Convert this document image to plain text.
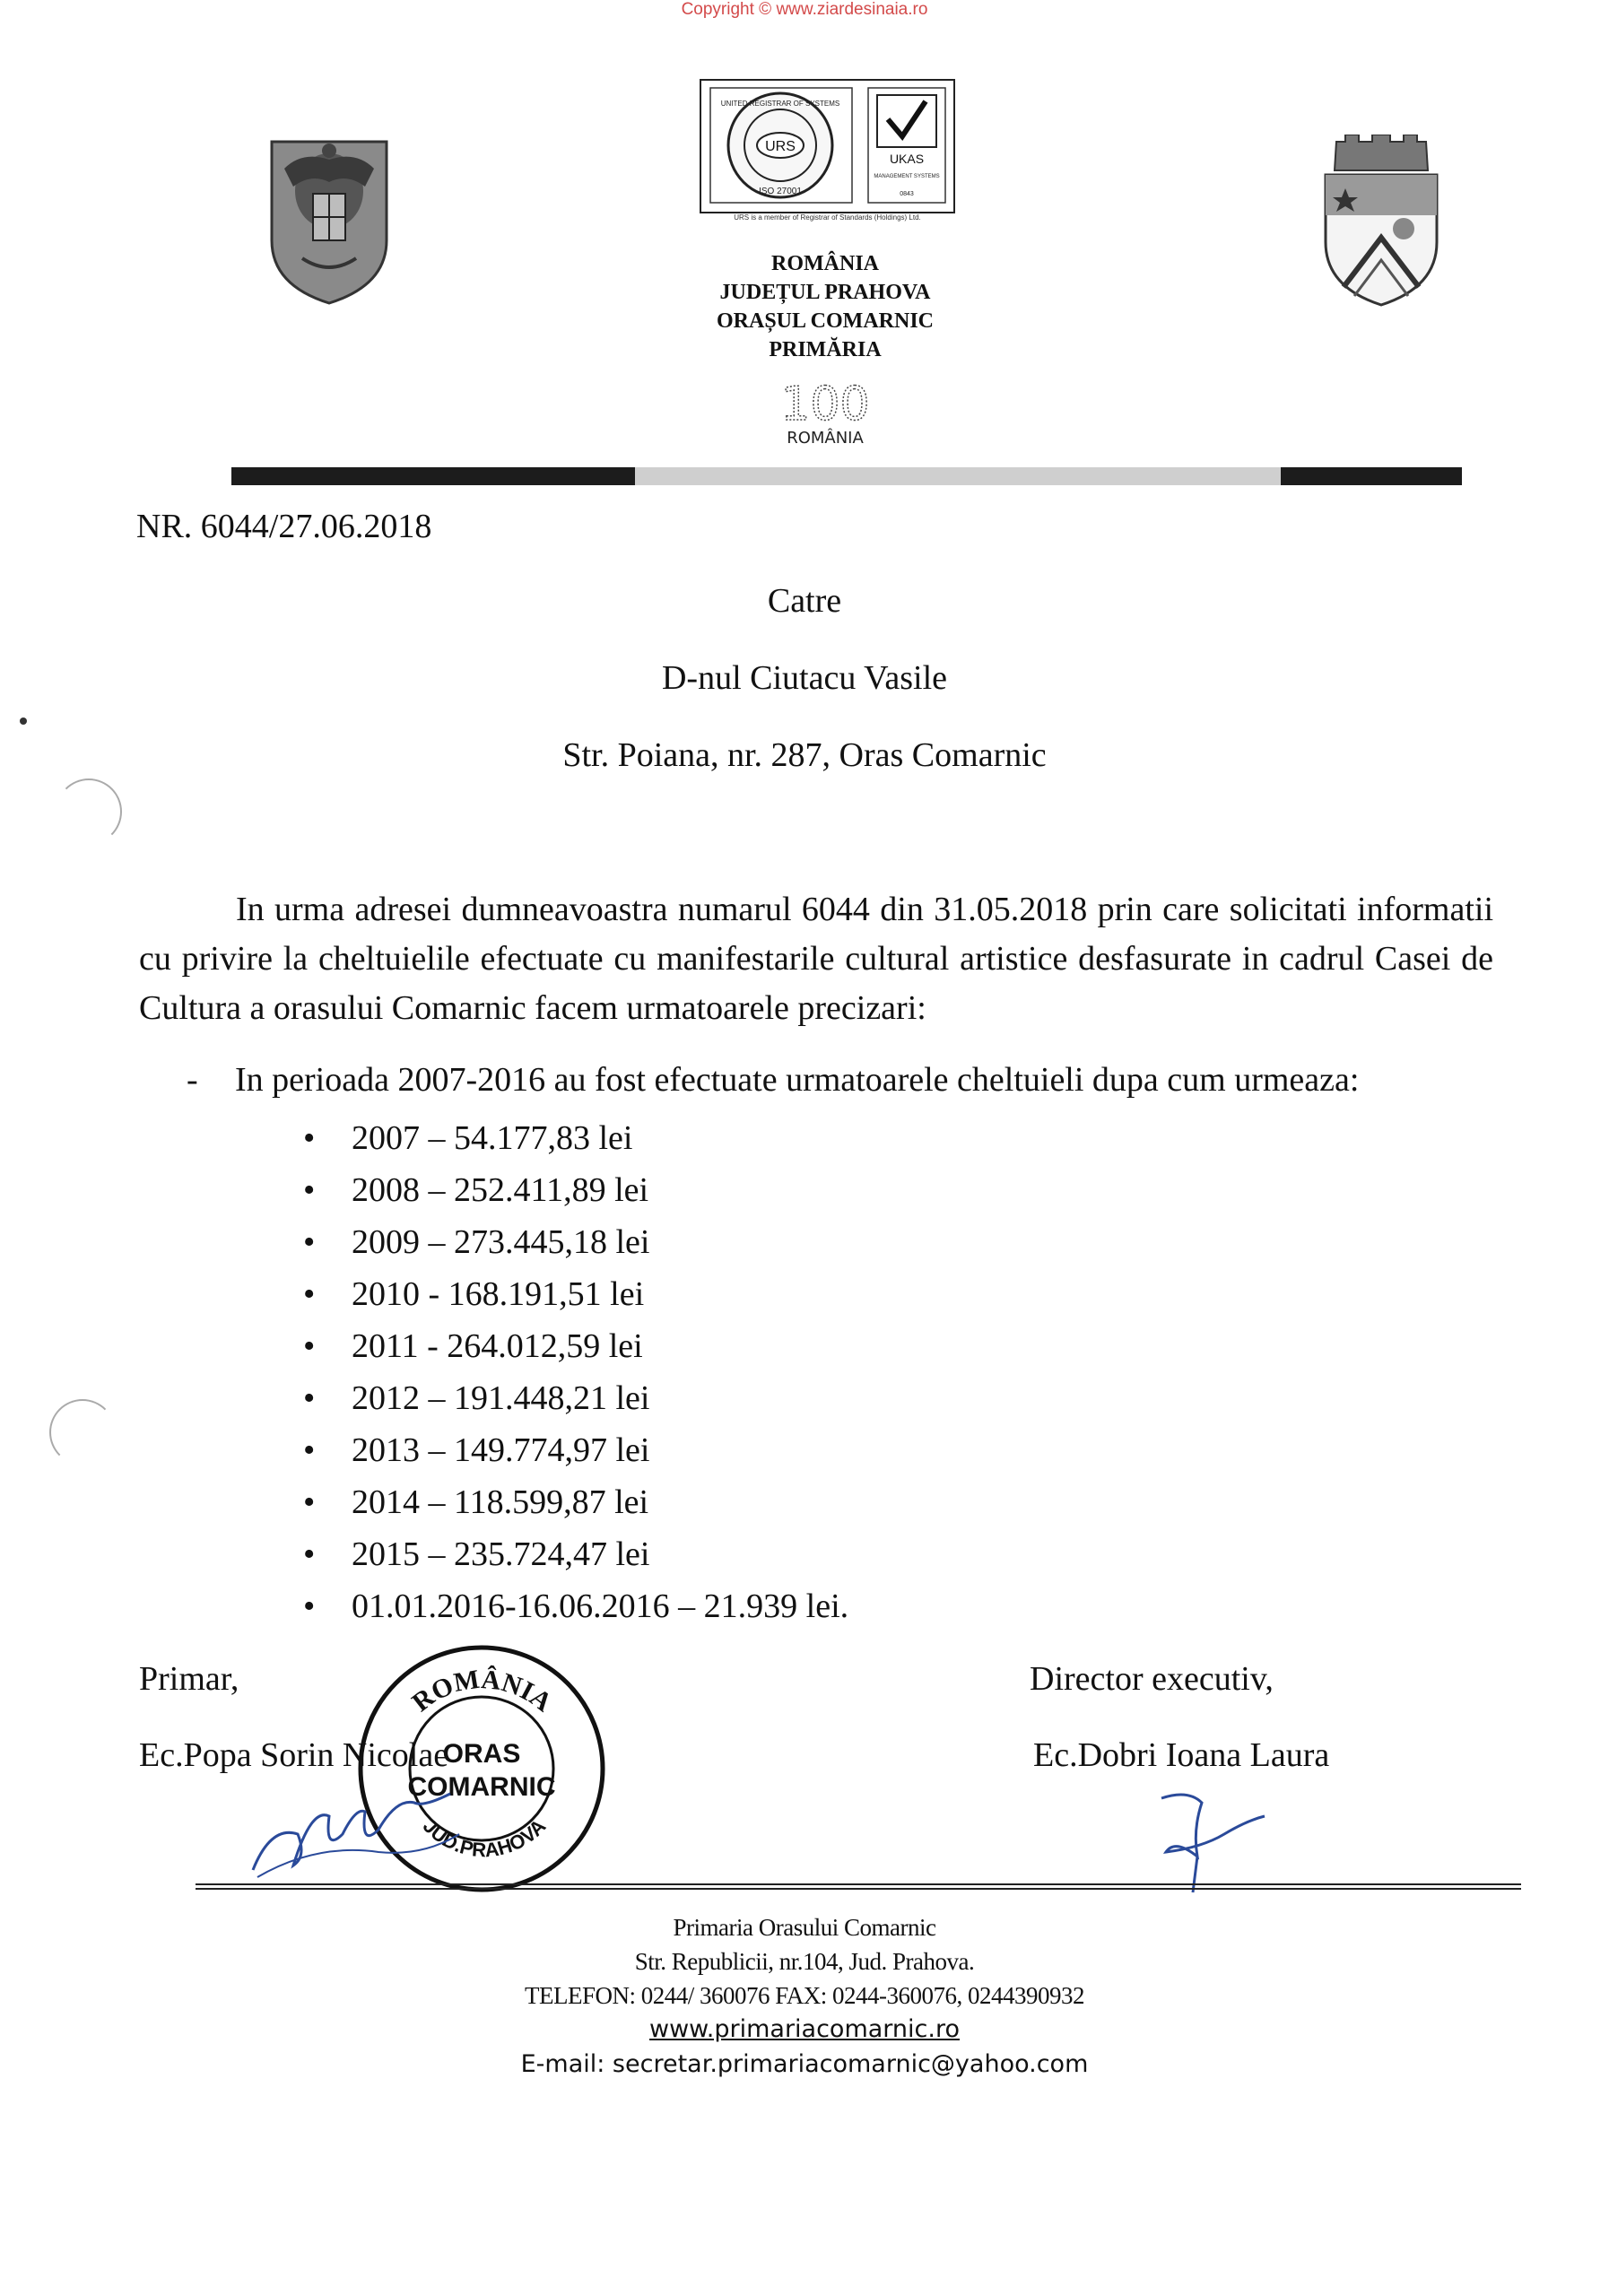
Copyright © www.ziardesinaia.ro
URS
UNITED REGISTRAR OF SYSTEMS
ISO 27001
UKAS
MANAGEMENT SYSTEMS
0843
URS is a member of Registrar of Standards (Holdings) Ltd.
ROMÂNIA
JUDEȚUL PRAHOVA
ORAȘUL COMARNIC
PRIMĂRIA
100
ROMÂNIA
NR. 6044/27.06.2018
Catre
D-nul Ciutacu Vasile
Str. Poiana, nr. 287, Oras Comarnic
In urma adresei dumneavoastra numarul 6044 din 31.05.2018 prin care solicitati informatii cu privire la cheltuielile efectuate cu manifestarile cultural artistice desfasurate in cadrul Casei de Cultura a orasului Comarnic facem urmatoarele precizari:
- In perioada 2007-2016 au fost efectuate urmatoarele cheltuieli dupa cum urmeaza:
• 2007 – 54.177,83 lei
• 2008 – 252.411,89 lei
• 2009 – 273.445,18 lei
• 2010 - 168.191,51 lei
• 2011 - 264.012,59 lei
• 2012 – 191.448,21 lei
• 2013 – 149.774,97 lei
• 2014 – 118.599,87 lei
• 2015 – 235.724,47 lei
• 01.01.2016-16.06.2016 – 21.939 lei.
Primar,
Ec.Popa Sorin Nicolae
Director executiv,
Ec.Dobri Ioana Laura
ROMÂNIA
JUD.PRAHOVA
ORAS
COMARNIC
Primaria Orasului Comarnic
Str. Republicii, nr.104, Jud. Prahova.
TELEFON: 0244/ 360076 FAX: 0244-360076, 0244390932
www.primariacomarnic.ro
E-mail: secretar.primariacomarnic@yahoo.com
